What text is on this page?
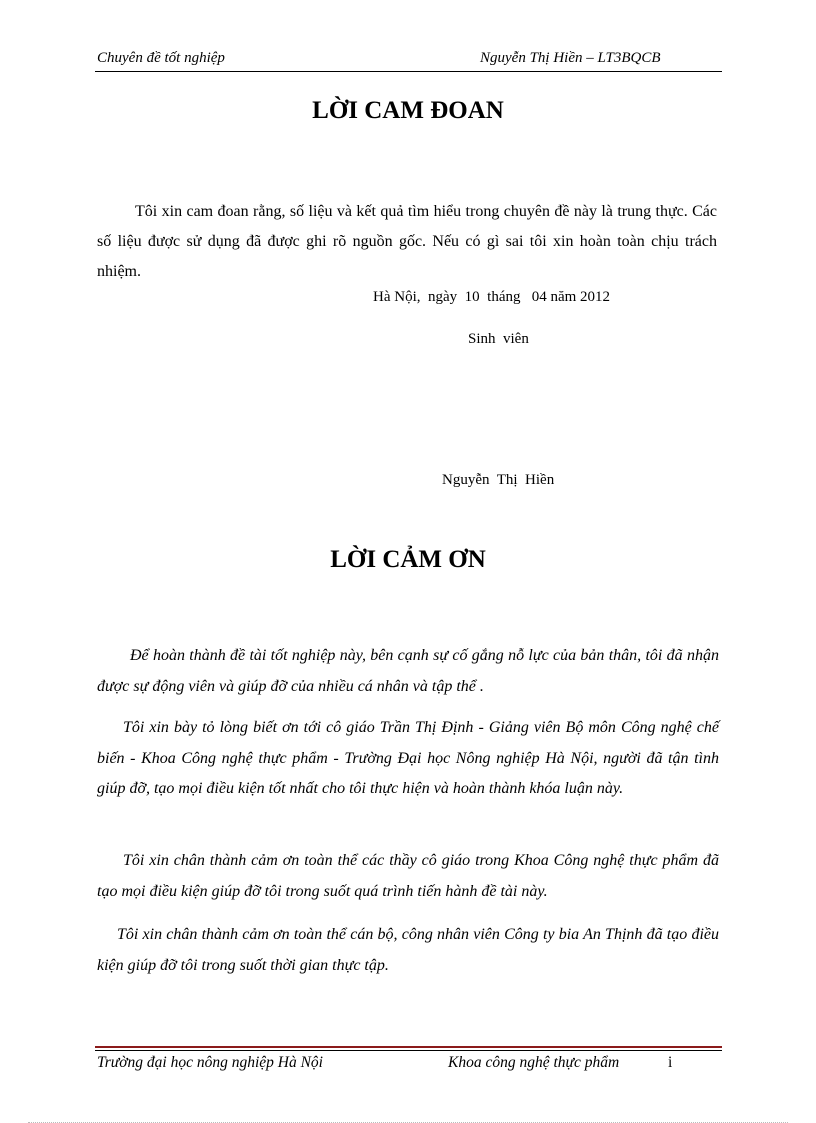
Chuyên đề tốt nghiệp	Nguyễn Thị Hiền – LT3BQCB
LỜI CAM ĐOAN
Tôi xin cam đoan rằng, số liệu và kết quả tìm hiểu trong chuyên đề này là trung thực. Các số liệu được sử dụng đã được ghi rõ nguồn gốc. Nếu có gì sai tôi xin hoàn toàn chịu trách nhiệm.
Hà Nội,  ngày  10  tháng   04 năm 2012
Sinh  viên
Nguyễn  Thị  Hiền
LỜI CẢM ƠN
Để hoàn thành đề tài tốt nghiệp này, bên cạnh sự cố gắng nỗ lực của bản thân, tôi đã nhận được sự động viên và giúp đỡ của nhiều cá nhân và tập thể .
Tôi xin bày tỏ lòng biết ơn tới cô giáo Trần Thị Định - Giảng viên Bộ môn Công nghệ chế biến - Khoa Công nghệ thực phẩm - Trường Đại học Nông nghiệp Hà Nội, người đã tận tình giúp đỡ, tạo mọi điều kiện tốt nhất cho tôi thực hiện và hoàn thành khóa luận này.
Tôi xin chân thành cảm ơn toàn thể các thầy cô giáo trong Khoa Công nghệ thực phẩm đã tạo mọi điều kiện giúp đỡ tôi trong suốt quá trình tiến hành đề tài này.
Tôi xin chân thành cảm ơn toàn thể cán bộ, công nhân viên Công ty bia An Thịnh đã tạo điều kiện giúp đỡ tôi trong suốt thời gian thực tập.
Trường đại học nông nghiệp Hà Nội	Khoa công nghệ thực phẩm	i
